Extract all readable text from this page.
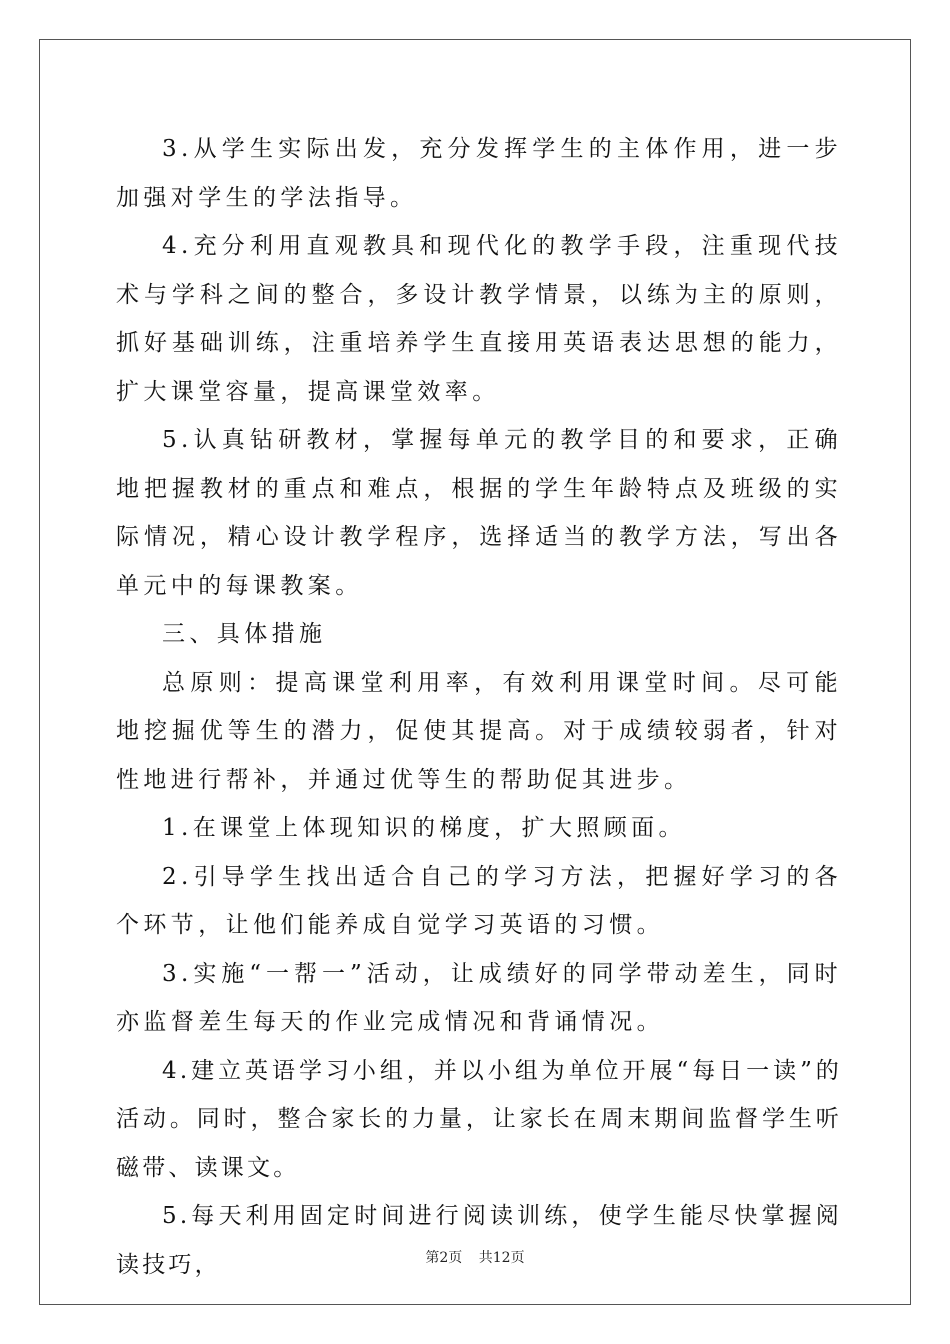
3.从学生实际出发，充分发挥学生的主体作用，进一步加强对学生的学法指导。

4.充分利用直观教具和现代化的教学手段，注重现代技术与学科之间的整合，多设计教学情景，以练为主的原则，抓好基础训练，注重培养学生直接用英语表达思想的能力，扩大课堂容量，提高课堂效率。

5.认真钻研教材，掌握每单元的教学目的和要求，正确地把握教材的重点和难点，根据的学生年龄特点及班级的实际情况，精心设计教学程序，选择适当的教学方法，写出各单元中的每课教案。

三、具体措施

总原则：提高课堂利用率，有效利用课堂时间。尽可能地挖掘优等生的潜力，促使其提高。对于成绩较弱者，针对性地进行帮补，并通过优等生的帮助促其进步。

1.在课堂上体现知识的梯度，扩大照顾面。

2.引导学生找出适合自己的学习方法，把握好学习的各个环节，让他们能养成自觉学习英语的习惯。

3.实施“一帮一”活动，让成绩好的同学带动差生，同时亦监督差生每天的作业完成情况和背诵情况。

4.建立英语学习小组，并以小组为单位开展“每日一读”的活动。同时，整合家长的力量，让家长在周末期间监督学生听磁带、读课文。

5.每天利用固定时间进行阅读训练，使学生能尽快掌握阅读技巧，	第2页 共12页
